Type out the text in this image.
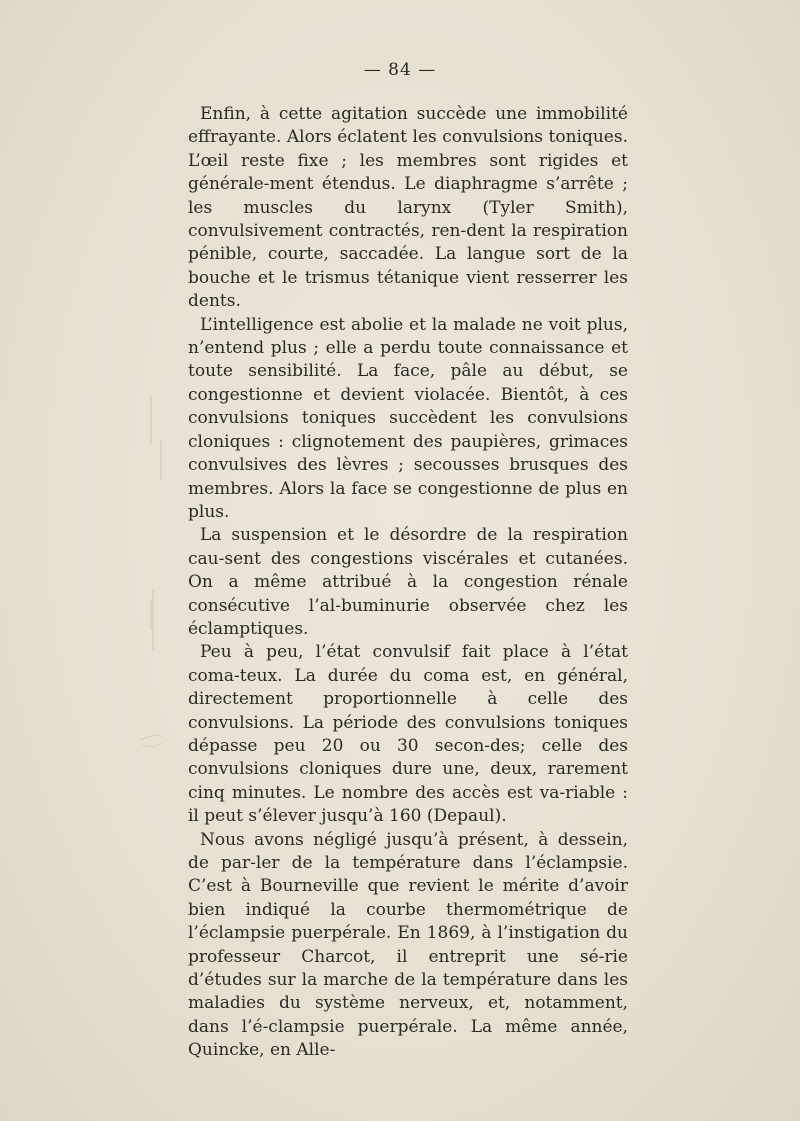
— 84 —

Enfin, à cette agitation succède une immobilité effrayante. Alors éclatent les convulsions toniques. L’œil reste fixe ; les membres sont rigides et générale-ment étendus. Le diaphragme s’arrête ; les muscles du larynx (Tyler Smith), convulsivement contractés, ren-dent la respiration pénible, courte, saccadée. La langue sort de la bouche et le trismus tétanique vient resserrer les dents.

L’intelligence est abolie et la malade ne voit plus, n’entend plus ; elle a perdu toute connaissance et toute sensibilité. La face, pâle au début, se congestionne et devient violacée. Bientôt, à ces convulsions toniques succèdent les convulsions cloniques : clignotement des paupières, grimaces convulsives des lèvres ; secousses brusques des membres. Alors la face se congestionne de plus en plus.

La suspension et le désordre de la respiration cau-sent des congestions viscérales et cutanées. On a même attribué à la congestion rénale consécutive l’al-buminurie observée chez les éclamptiques.

Peu à peu, l’état convulsif fait place à l’état coma-teux. La durée du coma est, en général, directement proportionnelle à celle des convulsions. La période des convulsions toniques dépasse peu 20 ou 30 secon-des; celle des convulsions cloniques dure une, deux, rarement cinq minutes. Le nombre des accès est va-riable : il peut s’élever jusqu’à 160 (Depaul).

Nous avons négligé jusqu’à présent, à dessein, de par-ler de la température dans l’éclampsie. C’est à Bourneville que revient le mérite d’avoir bien indiqué la courbe thermométrique de l’éclampsie puerpérale. En 1869, à l’instigation du professeur Charcot, il entreprit une sé-rie d’études sur la marche de la température dans les maladies du système nerveux, et, notamment, dans l’é-clampsie puerpérale. La même année, Quincke, en Alle-
